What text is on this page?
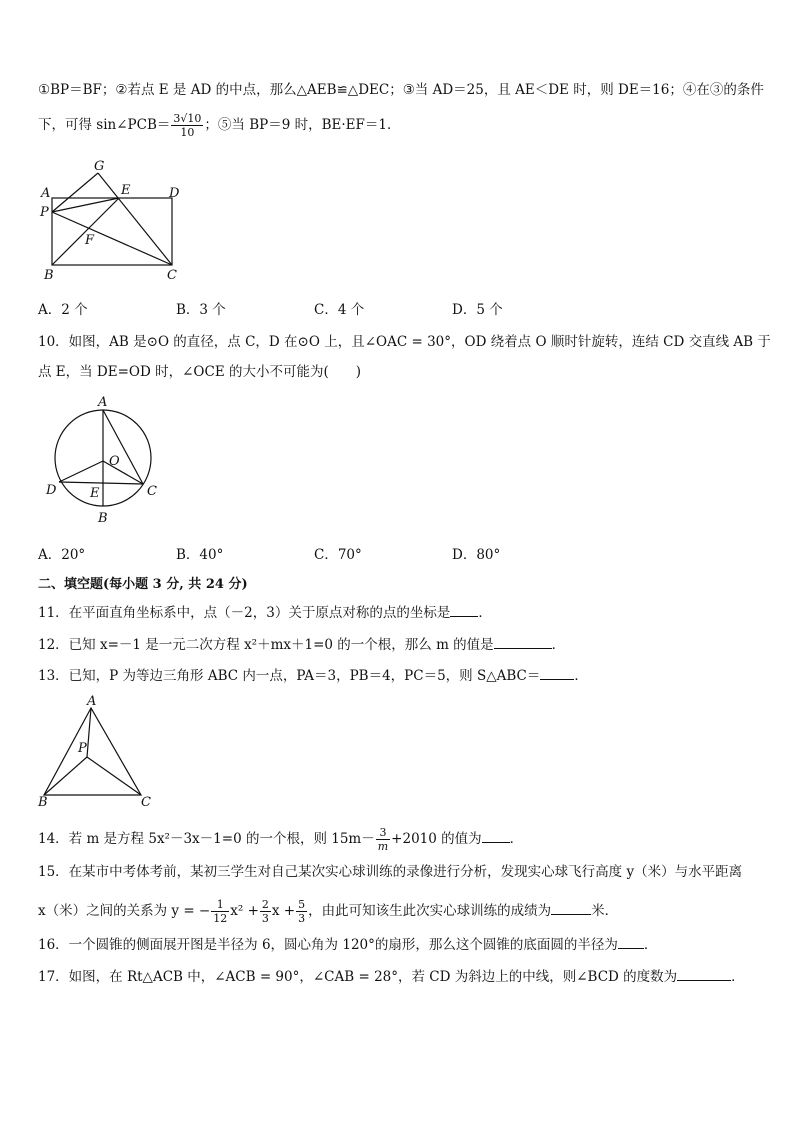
①BP＝BF；②若点 E 是 AD 的中点，那么△AEB≌△DEC；③当 AD＝25，且 AE＜DE 时，则 DE＝16；④在③的条件
下，可得 sin∠PCB＝ $\frac{3√10}{10}$ ；⑤当 BP＝9 时，BE·EF＝1．
G
A
P
E	D
F
B	C
A．2 个	B．3 个	C．4 个	D．5 个
10．如图，AB 是⊙O 的直径，点 C，D 在⊙O 上，且∠OAC = 30°，OD 绕着点 O 顺时针旋转，连结 CD 交直线 AB 于
点 E，当 DE=OD 时，∠OCE 的大小不可能为(　　)
A
O
D	E	C
B
A．20°	B．40°	C．70°	D．80°
二、填空题(每小题 3 分, 共 24 分)
11．在平面直角坐标系中，点（－2，3）关于原点对称的点的坐标是 ．
12．已知 x=－1 是一元二次方程 x²＋mx＋1=0 的一个根，那么 m 的值是	．
13．已知，P 为等边三角形 ABC 内一点，PA＝3，PB＝4，PC＝5，则 S△ABC＝	．
A
P
B	C
14．若 m 是方程 5x²－3x－1=0 的一个根，则 $15m- \frac{3}{m} +2010$ 的值为 ．
15．在某市中考体考前，某初三学生对自己某次实心球训练的录像进行分析，发现实心球飞行高度 y（米）与水平距离
x（米）之间的关系为 y = − $\frac{1}{12} x^2 + \frac{2}{3}$ $x + \frac{5}{3}$ ，由此可知该生此次实心球训练的成绩为	米．
16．一个圆锥的侧面展开图是半径为 6，圆心角为 120°的扇形，那么这个圆锥的底面圆的半径为 ．
17．如图，在 Rt△ACB 中，∠ACB = 90°，∠CAB = 28°，若 CD 为斜边上的中线，则∠BCD 的度数为	．
